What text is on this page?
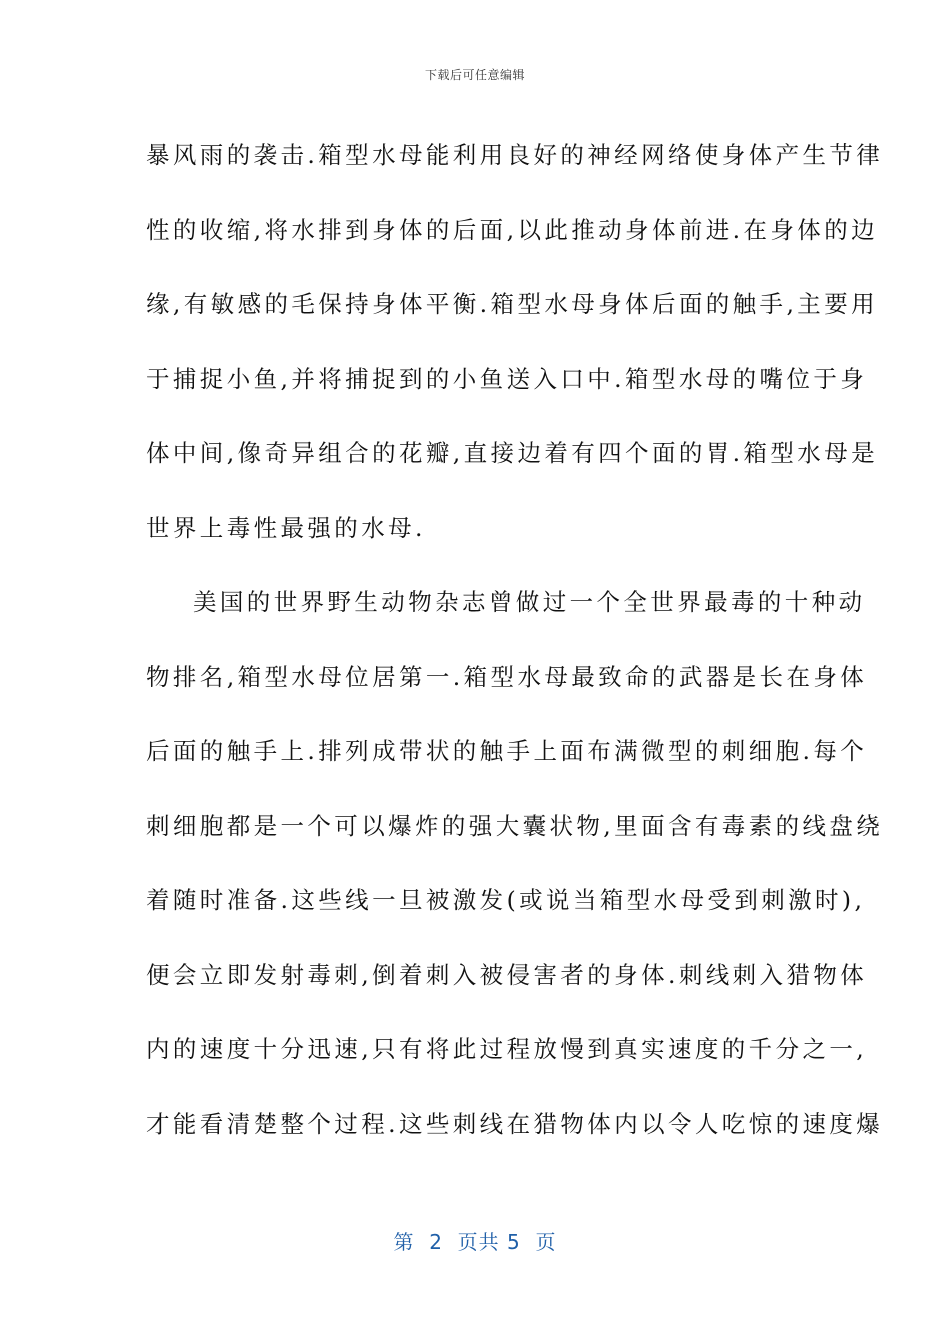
下载后可任意编辑
暴风雨的袭击.箱型水母能利用良好的神经网络使身体产生节律
性的收缩,将水排到身体的后面,以此推动身体前进.在身体的边
缘,有敏感的毛保持身体平衡.箱型水母身体后面的触手,主要用
于捕捉小鱼,并将捕捉到的小鱼送入口中.箱型水母的嘴位于身
体中间,像奇异组合的花瓣,直接边着有四个面的胃.箱型水母是
世界上毒性最强的水母.
美国的世界野生动物杂志曾做过一个全世界最毒的十种动
物排名,箱型水母位居第一.箱型水母最致命的武器是长在身体
后面的触手上.排列成带状的触手上面布满微型的刺细胞.每个
刺细胞都是一个可以爆炸的强大囊状物,里面含有毒素的线盘绕
着随时准备.这些线一旦被激发(或说当箱型水母受到刺激时),
便会立即发射毒刺,倒着刺入被侵害者的身体.刺线刺入猎物体
内的速度十分迅速,只有将此过程放慢到真实速度的千分之一,
才能看清楚整个过程.这些刺线在猎物体内以令人吃惊的速度爆
第  2  页共 5  页
